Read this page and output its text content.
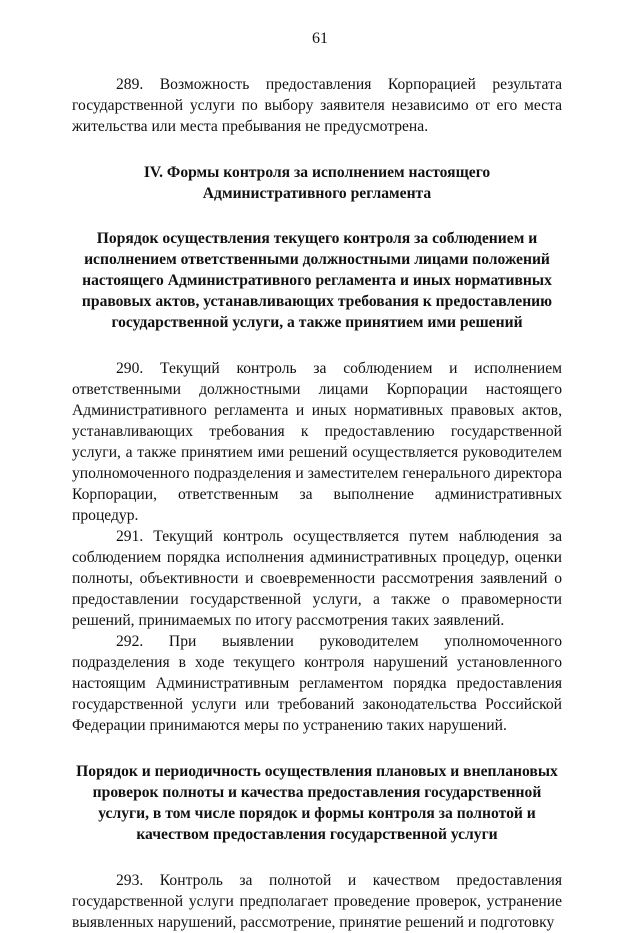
61

289. Возможность предоставления Корпорацией результата государственной услуги по выбору заявителя независимо от его места жительства или места пребывания не предусмотрена.

IV. Формы контроля за исполнением настоящего Административного регламента
Порядок осуществления текущего контроля за соблюдением и исполнением ответственными должностными лицами положений настоящего Административного регламента и иных нормативных правовых актов, устанавливающих требования к предоставлению государственной услуги, а также принятием ими решений

290. Текущий контроль за соблюдением и исполнением ответственными должностными лицами Корпорации настоящего Административного регламента и иных нормативных правовых актов, устанавливающих требования к предоставлению государственной услуги, а также принятием ими решений осуществляется руководителем уполномоченного подразделения и заместителем генерального директора Корпорации, ответственным за выполнение административных процедур.

291. Текущий контроль осуществляется путем наблюдения за соблюдением порядка исполнения административных процедур, оценки полноты, объективности и своевременности рассмотрения заявлений о предоставлении государственной услуги, а также о правомерности решений, принимаемых по итогу рассмотрения таких заявлений.

292. При выявлении руководителем уполномоченного подразделения в ходе текущего контроля нарушений установленного настоящим Административным регламентом порядка предоставления государственной услуги или требований законодательства Российской Федерации принимаются меры по устранению таких нарушений.

Порядок и периодичность осуществления плановых и внеплановых проверок полноты и качества предоставления государственной услуги, в том числе порядок и формы контроля за полнотой и качеством предоставления государственной услуги

293. Контроль за полнотой и качеством предоставления государственной услуги предполагает проведение проверок, устранение выявленных нарушений, рассмотрение, принятие решений и подготовку
